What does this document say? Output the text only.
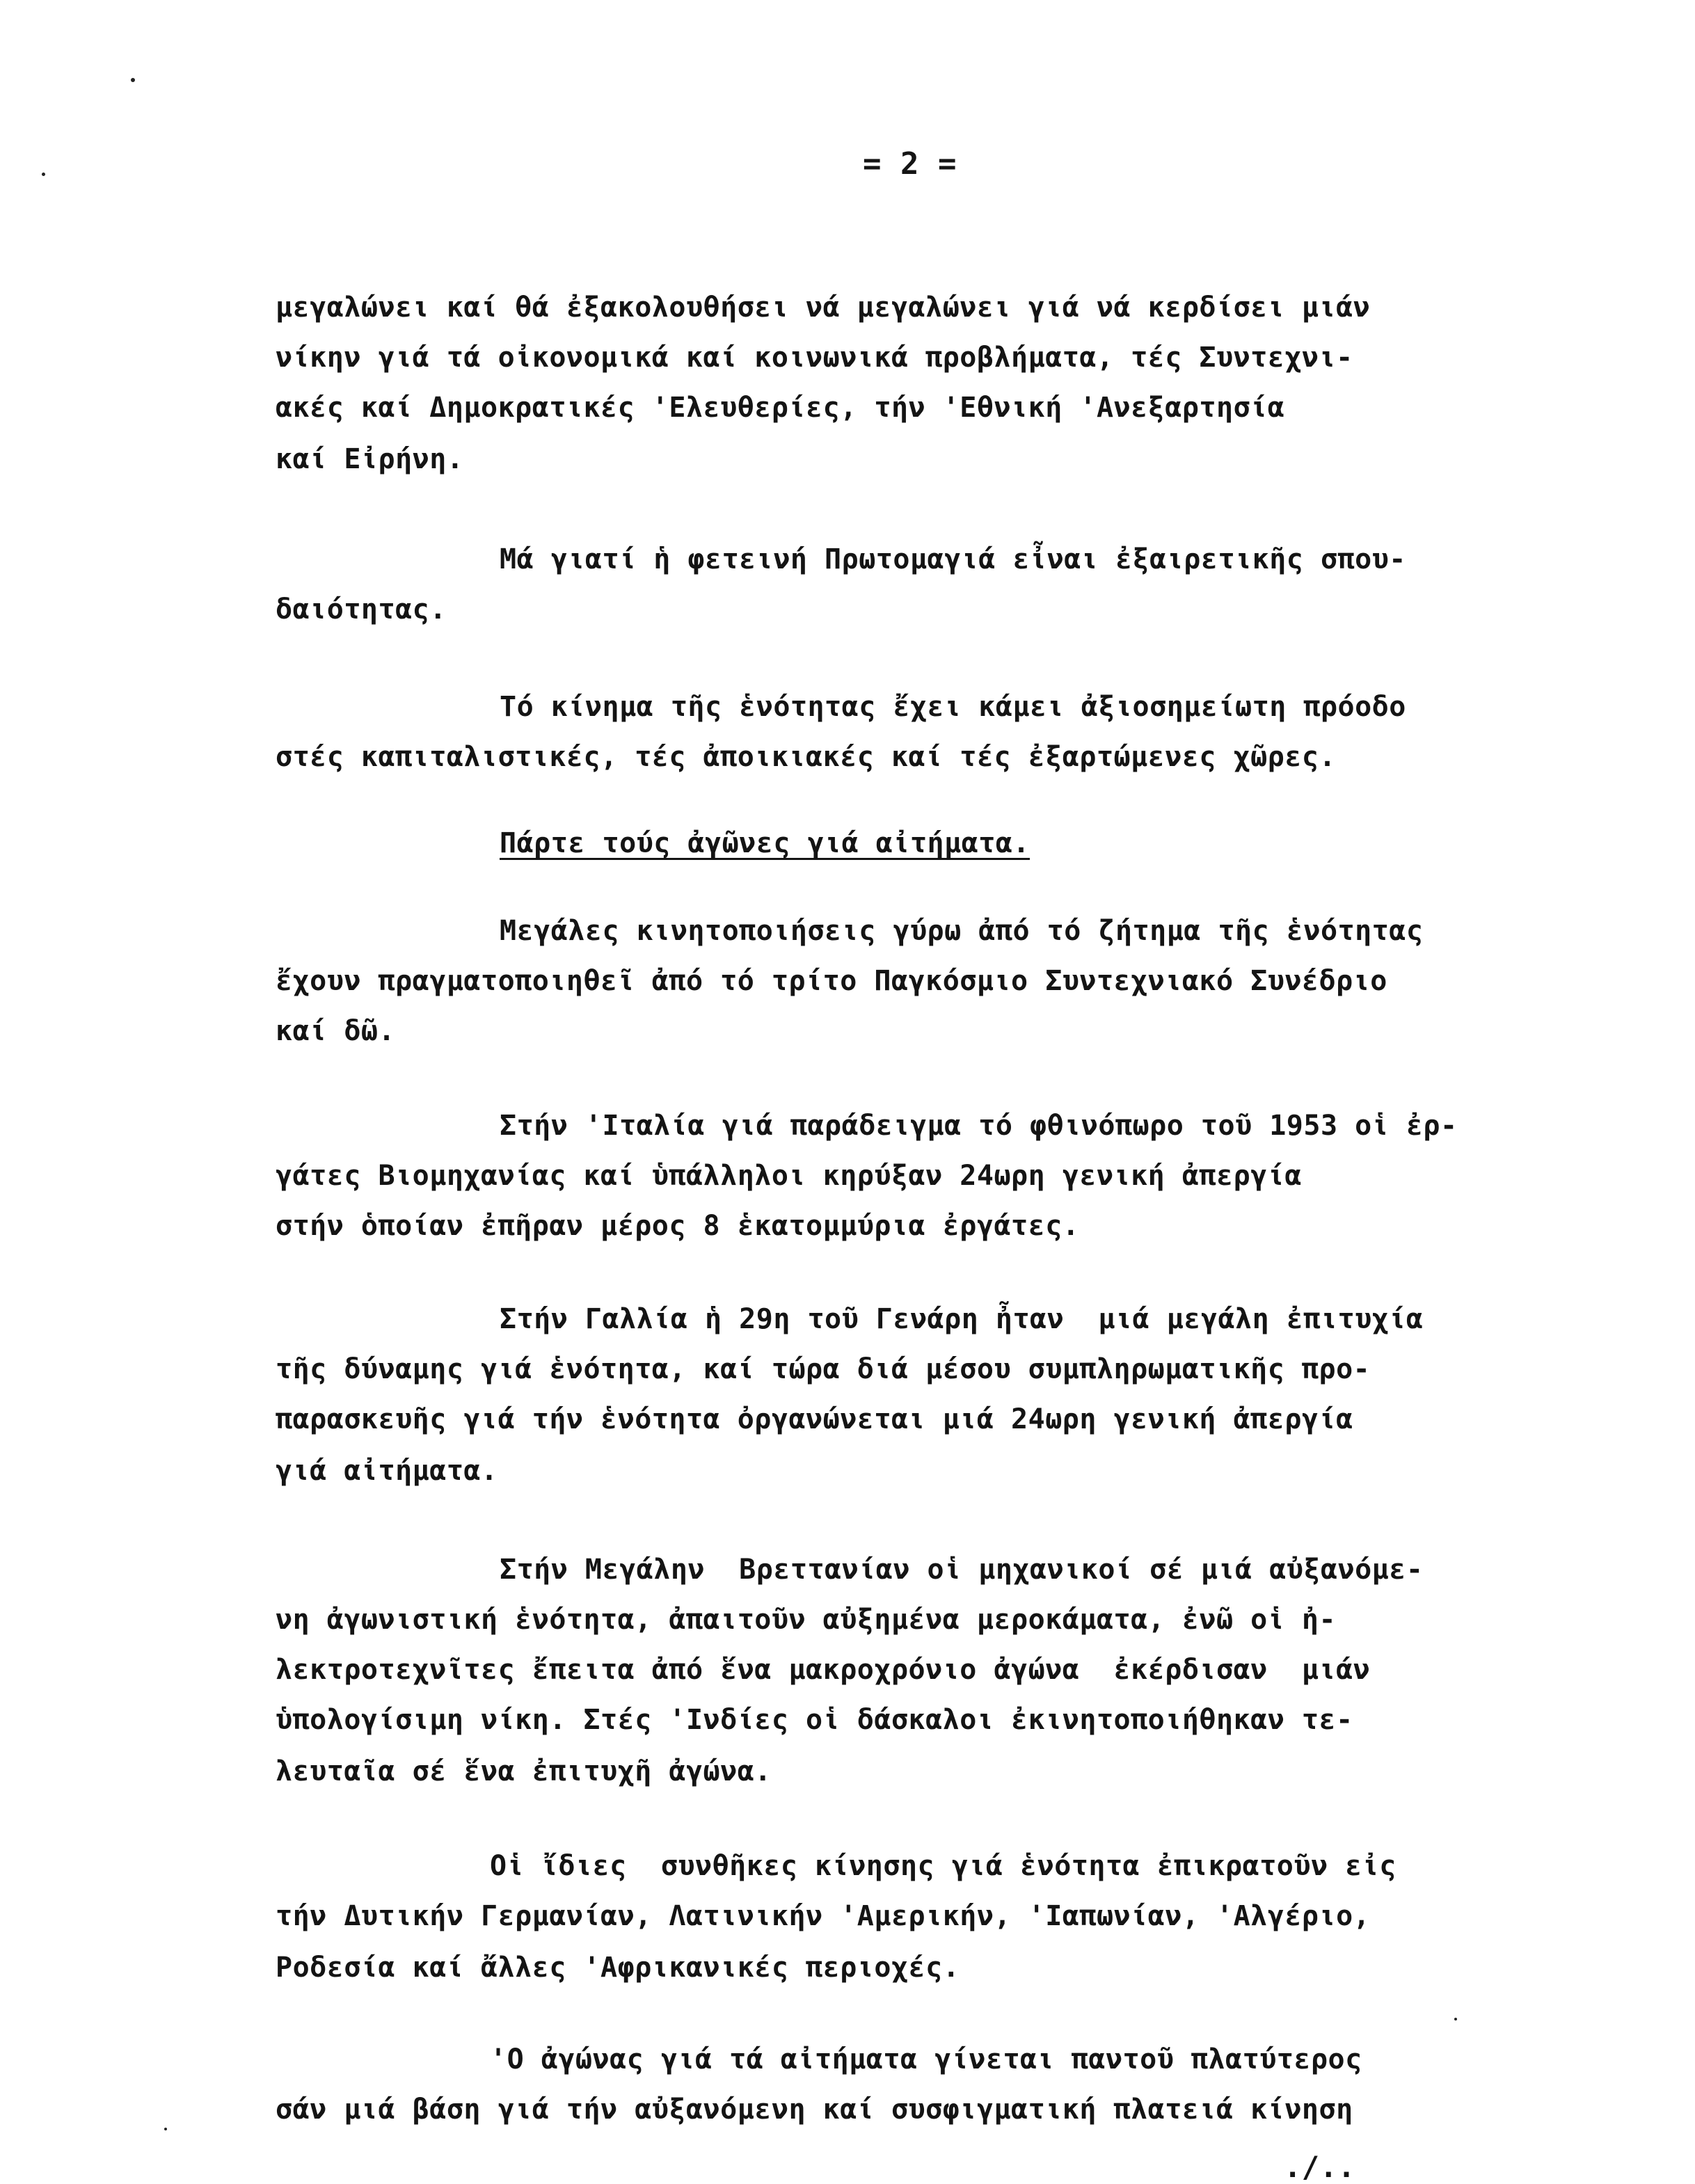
= 2 =
μεγαλώνει καί θά ἐξακολουθήσει νά μεγαλώνει γιά νά κερδίσει μιάν
νίκην γιά τά οἰκονομικά καί κοινωνικά προβλήματα, τές Συντεχνι-
ακές καί Δημοκρατικές 'Ελευθερίες, τήν 'Εθνική 'Ανεξαρτησία
καί Εἰρήνη.
Μά γιατί ἡ φετεινή Πρωτομαγιά εἶναι ἐξαιρετικῆς σπου-
δαιότητας.
Τό κίνημα τῆς ἑνότητας ἔχει κάμει ἀξιοσημείωτη πρόοδο
στές καπιταλιστικές, τές ἀποικιακές καί τές ἐξαρτώμενες χῶρες.
Πάρτε τούς ἀγῶνες γιά αἰτήματα.
Μεγάλες κινητοποιήσεις γύρω ἀπό τό ζήτημα τῆς ἑνότητας
ἔχουν πραγματοποιηθεῖ ἀπό τό τρίτο Παγκόσμιο Συντεχνιακό Συνέδριο
καί δῶ.
Στήν 'Ιταλία γιά παράδειγμα τό φθινόπωρο τοῦ 1953 οἱ ἐρ-
γάτες Βιομηχανίας καί ὑπάλληλοι κηρύξαν 24ωρη γενική ἀπεργία
στήν ὁποίαν ἐπῆραν μέρος 8 ἑκατομμύρια ἐργάτες.
Στήν Γαλλία ἡ 29η τοῦ Γενάρη ἦταν  μιά μεγάλη ἐπιτυχία
τῆς δύναμης γιά ἑνότητα, καί τώρα διά μέσου συμπληρωματικῆς προ-
παρασκευῆς γιά τήν ἑνότητα ὀργανώνεται μιά 24ωρη γενική ἀπεργία
γιά αἰτήματα.
Στήν Μεγάλην  Βρεττανίαν οἱ μηχανικοί σέ μιά αὐξανόμε-
νη ἀγωνιστική ἑνότητα, ἀπαιτοῦν αὐξημένα μεροκάματα, ἐνῶ οἱ ἠ-
λεκτροτεχνῖτες ἔπειτα ἀπό ἕνα μακροχρόνιο ἀγώνα  ἐκέρδισαν  μιάν
ὑπολογίσιμη νίκη. Στές 'Ινδίες οἱ δάσκαλοι ἐκινητοποιήθηκαν τε-
λευταῖα σέ ἕνα ἐπιτυχῆ ἀγώνα.
Οἱ ἴδιες  συνθῆκες κίνησης γιά ἑνότητα ἐπικρατοῦν εἰς
τήν Δυτικήν Γερμανίαν, Λατινικήν 'Αμερικήν, 'Ιαπωνίαν, 'Αλγέριο,
Ροδεσία καί ἄλλες 'Αφρικανικές περιοχές.
'Ο ἀγώνας γιά τά αἰτήματα γίνεται παντοῦ πλατύτερος
σάν μιά βάση γιά τήν αὐξανόμενη καί συσφιγματική πλατειά κίνηση
./..
